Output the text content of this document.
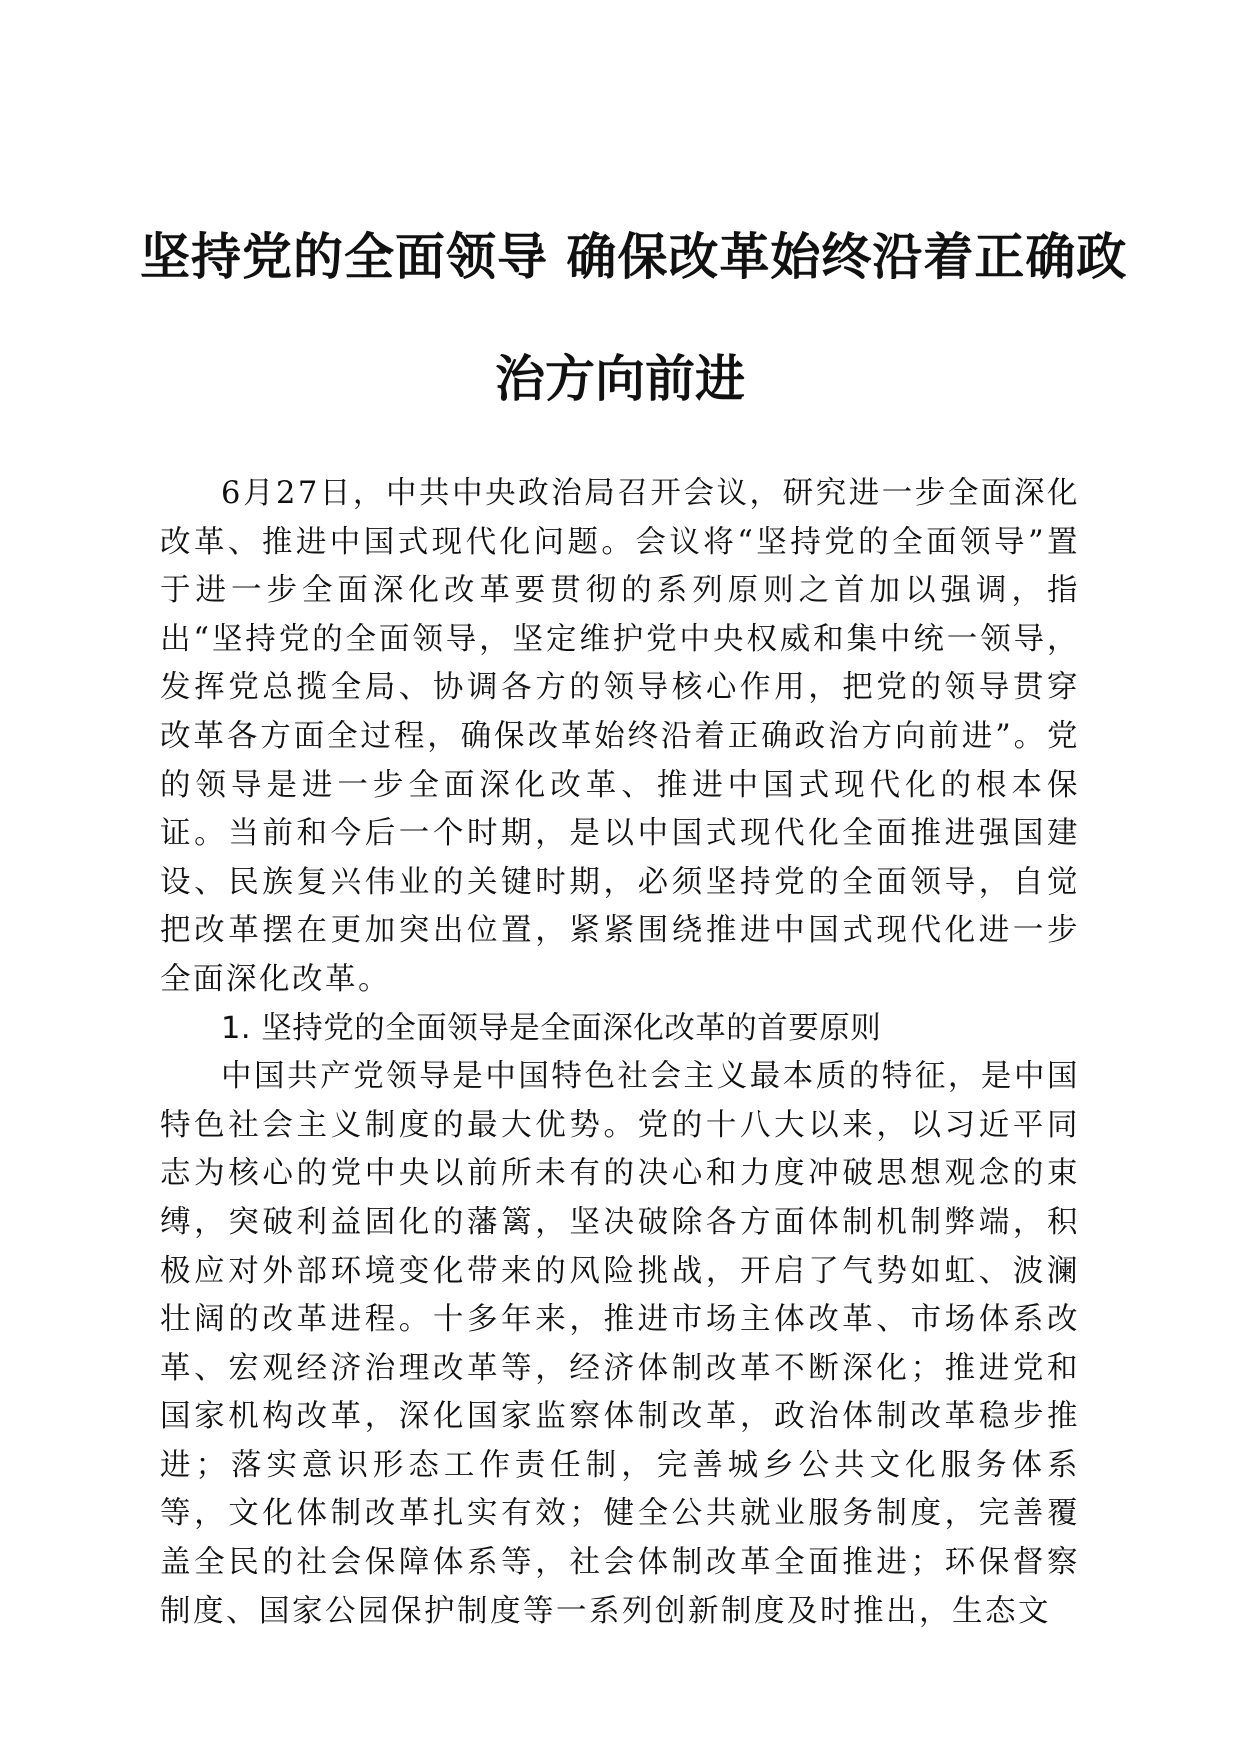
坚持党的全面领导 确保改革始终沿着正确政
治方向前进

6月27日，中共中央政治局召开会议，研究进一步全面深化改革、推进中国式现代化问题。会议将“坚持党的全面领导”置于进一步全面深化改革要贯彻的系列原则之首加以强调，指出“坚持党的全面领导，坚定维护党中央权威和集中统一领导，发挥党总揽全局、协调各方的领导核心作用，把党的领导贯穿改革各方面全过程，确保改革始终沿着正确政治方向前进”。党的领导是进一步全面深化改革、推进中国式现代化的根本保证。当前和今后一个时期，是以中国式现代化全面推进强国建设、民族复兴伟业的关键时期，必须坚持党的全面领导，自觉把改革摆在更加突出位置，紧紧围绕推进中国式现代化进一步全面深化改革。

1. 坚持党的全面领导是全面深化改革的首要原则

中国共产党领导是中国特色社会主义最本质的特征，是中国特色社会主义制度的最大优势。党的十八大以来，以习近平同志为核心的党中央以前所未有的决心和力度冲破思想观念的束缚，突破利益固化的藩篱，坚决破除各方面体制机制弊端，积极应对外部环境变化带来的风险挑战，开启了气势如虹、波澜壮阔的改革进程。十多年来，推进市场主体改革、市场体系改革、宏观经济治理改革等，经济体制改革不断深化；推进党和国家机构改革，深化国家监察体制改革，政治体制改革稳步推进；落实意识形态工作责任制，完善城乡公共文化服务体系等，文化体制改革扎实有效；健全公共就业服务制度，完善覆盖全民的社会保障体系等，社会体制改革全面推进；环保督察制度、国家公园保护制度等一系列创新制度及时推出，生态文
